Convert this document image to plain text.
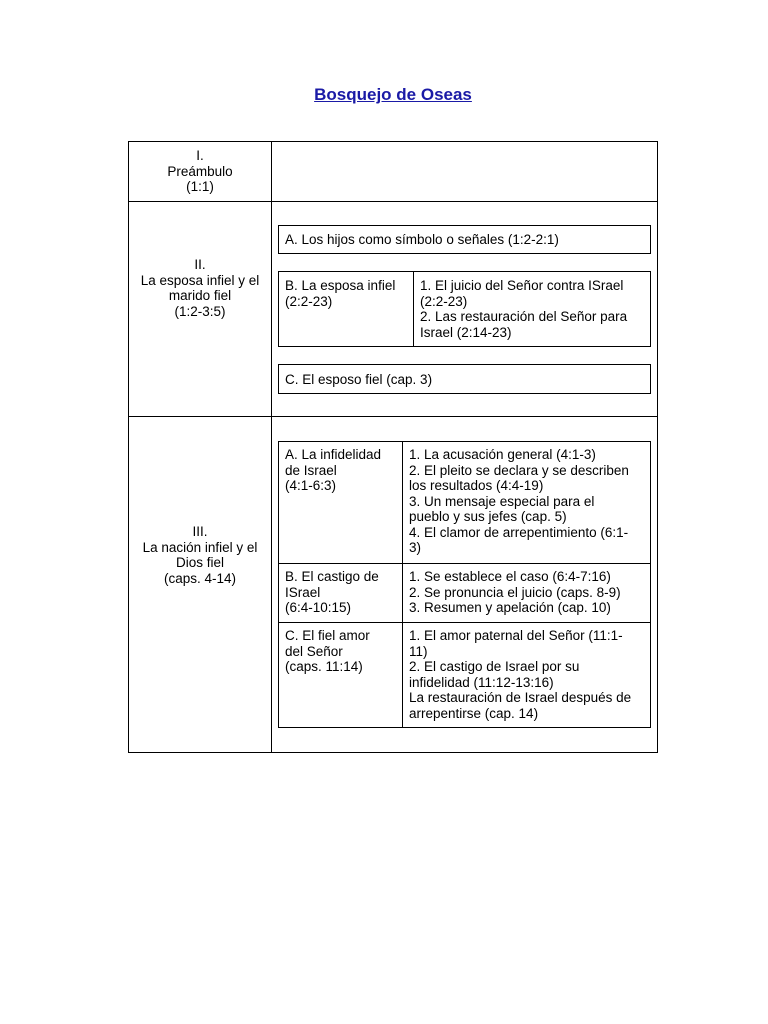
Bosquejo de Oseas
I.
Preámbulo
(1:1)
II.
La esposa infiel y el
marido fiel
(1:2-3:5)
A. Los hijos como símbolo o señales (1:2-2:1)
B. La esposa infiel
(2:2-23)
1. El juicio del Señor contra ISrael
(2:2-23)
2. Las restauración del Señor para
Israel (2:14-23)
C. El esposo fiel (cap. 3)
III.
La nación infiel y el
Dios fiel
(caps. 4-14)
A. La infidelidad
de Israel
(4:1-6:3)
1. La acusación general (4:1-3)
2. El pleito se declara y se describen
los resultados (4:4-19)
3. Un mensaje especial para el
pueblo y sus jefes (cap. 5)
4. El clamor de arrepentimiento (6:1-
3)
B. El castigo de
ISrael
(6:4-10:15)
1. Se establece el caso (6:4-7:16)
2. Se pronuncia el juicio (caps. 8-9)
3. Resumen y apelación (cap. 10)
C. El fiel amor
del Señor
(caps. 11:14)
1. El amor paternal del Señor (11:1-
11)
2. El castigo de Israel por su
infidelidad (11:12-13:16)
La restauración de Israel después de
arrepentirse (cap. 14)
